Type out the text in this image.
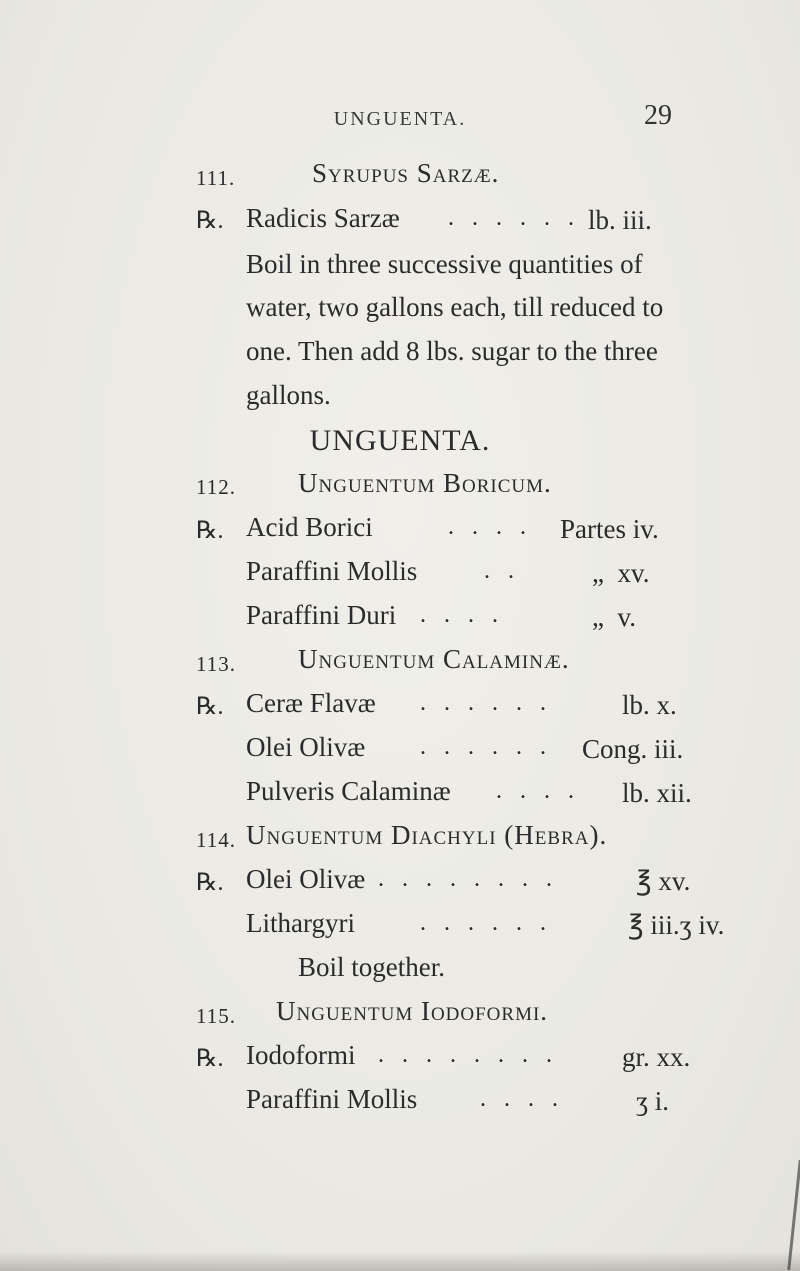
UNGUENTA.	29
111.	Syrupus Sarzæ.
℞. Radicis Sarzæ . . . . . . lb. iii.
Boil in three successive quantities of
water, two gallons each, till reduced to
one. Then add 8 lbs. sugar to the three
gallons.
UNGUENTA.
112. Unguentum Boricum.
℞. Acid Borici	. . . . Partes iv.
Paraffini Mollis	. .	„  xv.
Paraffini Duri . . . .	„  v.
113. Unguentum Calaminæ.
℞. Ceræ Flavæ . . . . . .	lb. x.
Olei Olivæ . . . . . . Cong. iii.
Pulveris Calaminæ . . . . lb. xii.
114. Unguentum Diachyli (Hebra).
℞. Olei Olivæ . . . . . . . .	℥ xv.
Lithargyri	. . . . . .	℥ iii.ʒ iv.
Boil together.
115. Unguentum Iodoformi.
℞. Iodoformi . . . . . . . . gr. xx.
Paraffini Mollis	. . . .	ʒ i.
